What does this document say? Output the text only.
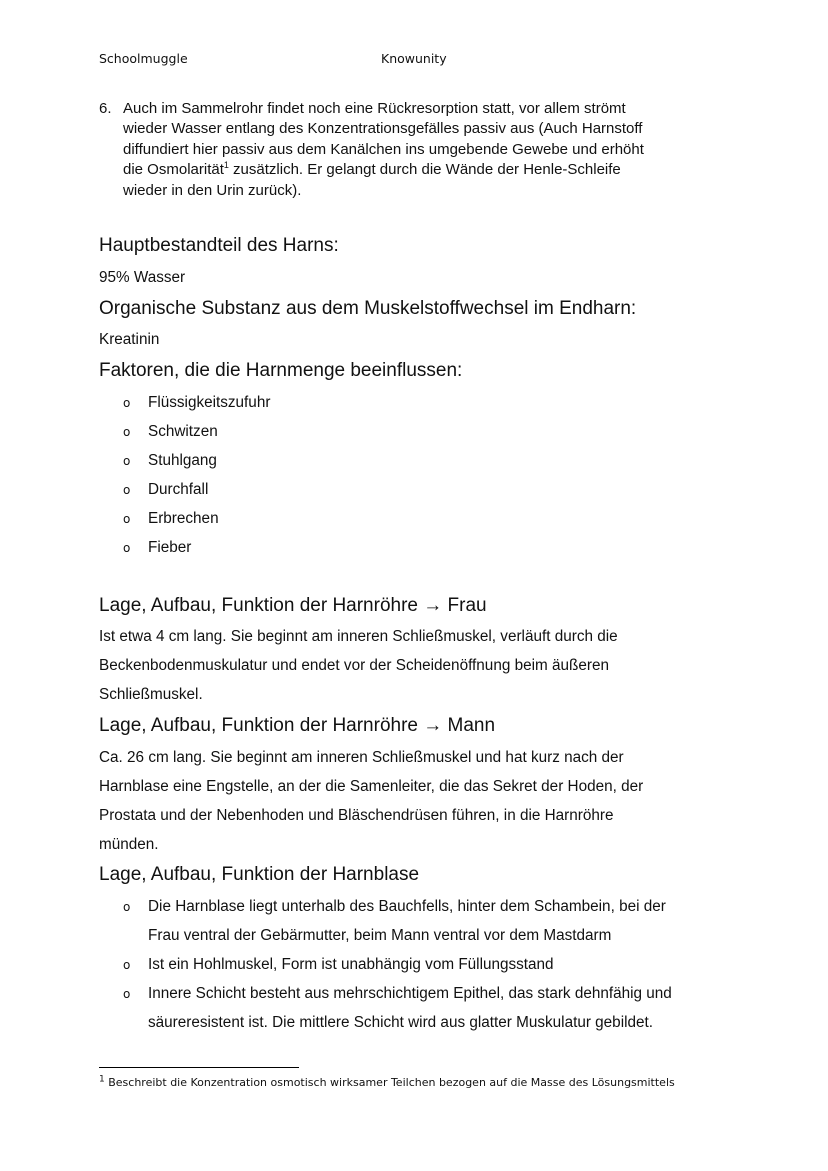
Schoolmuggle	Knowunity
6. Auch im Sammelrohr findet noch eine Rückresorption statt, vor allem strömt
wieder Wasser entlang des Konzentrationsgefälles passiv aus (Auch Harnstoff
diffundiert hier passiv aus dem Kanälchen ins umgebende Gewebe und erhöht
die Osmolarität$^1$ zusätzlich. Er gelangt durch die Wände der Henle-Schleife
wieder in den Urin zurück).
Hauptbestandteil des Harns:
95% Wasser
Organische Substanz aus dem Muskelstoffwechsel im Endharn:
Kreatinin
Faktoren, die die Harnmenge beeinflussen:
o Flüssigkeitszufuhr
o Schwitzen
o Stuhlgang
o Durchfall
o Erbrechen
o Fieber
Lage, Aufbau, Funktion der Harnröhre → Frau
Ist etwa 4 cm lang. Sie beginnt am inneren Schließmuskel, verläuft durch die
Beckenbodenmuskulatur und endet vor der Scheidenöffnung beim äußeren
Schließmuskel.
Lage, Aufbau, Funktion der Harnröhre → Mann
Ca. 26 cm lang. Sie beginnt am inneren Schließmuskel und hat kurz nach der
Harnblase eine Engstelle, an der die Samenleiter, die das Sekret der Hoden, der
Prostata und der Nebenhoden und Bläschendrüsen führen, in die Harnröhre
münden.
Lage, Aufbau, Funktion der Harnblase
o Die Harnblase liegt unterhalb des Bauchfells, hinter dem Schambein, bei der
Frau ventral der Gebärmutter, beim Mann ventral vor dem Mastdarm
o Ist ein Hohlmuskel, Form ist unabhängig vom Füllungsstand
o Innere Schicht besteht aus mehrschichtigem Epithel, das stark dehnfähig und
säureresistent ist. Die mittlere Schicht wird aus glatter Muskulatur gebildet.
$^1$ Beschreibt die Konzentration osmotisch wirksamer Teilchen bezogen auf die Masse des Lösungsmittels
